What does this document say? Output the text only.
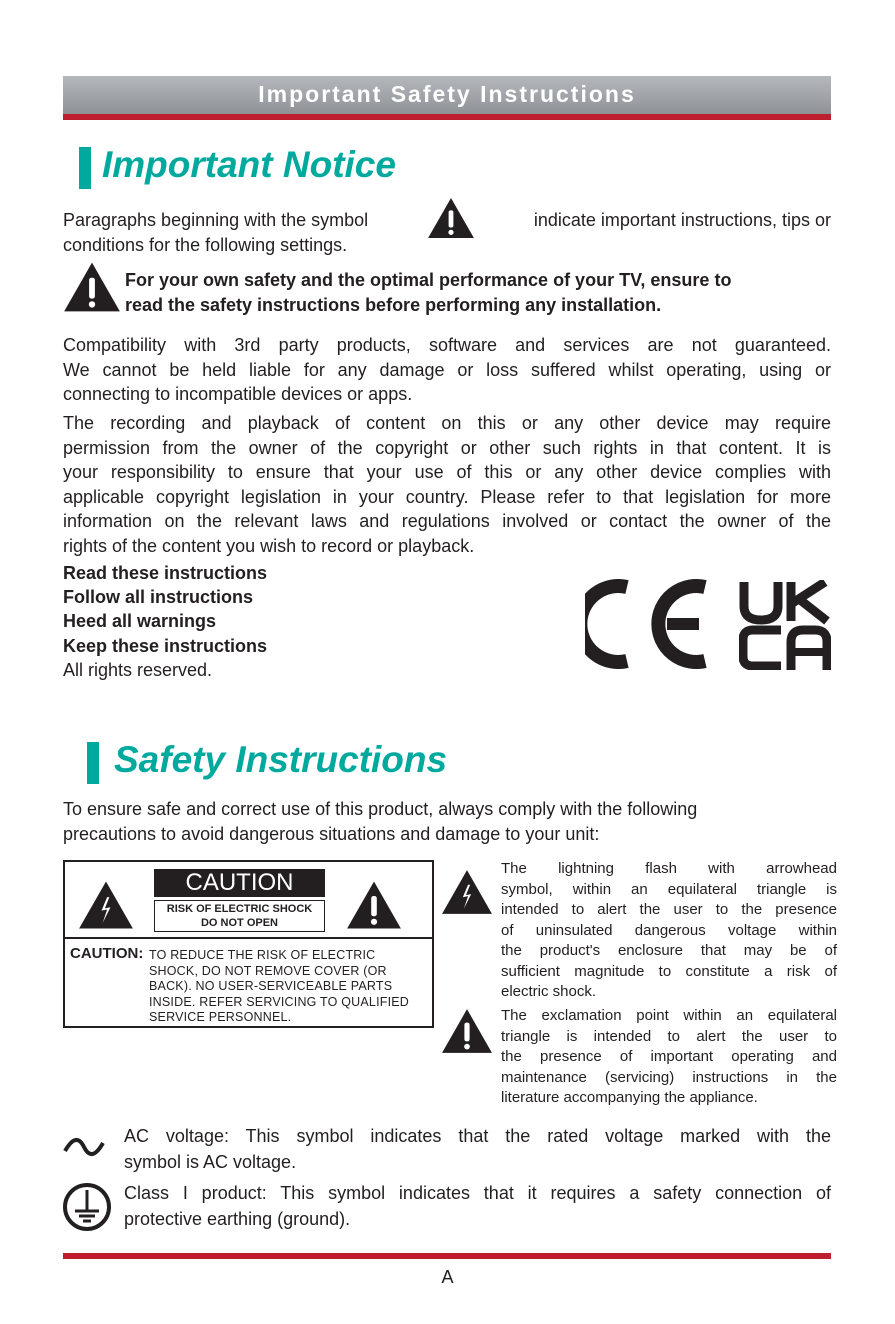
Important Safety Instructions
Important Notice
Paragraphs beginning with the symbol	indicate important instructions, tips or
conditions for the following settings.
For your own safety and the optimal performance of your TV, ensure to
read the safety instructions before performing any installation.
Compatibility with 3rd party products, software and services are not guaranteed.
We cannot be held liable for any damage or loss suffered whilst operating, using or
connecting to incompatible devices or apps.
The recording and playback of content on this or any other device may require
permission from the owner of the copyright or other such rights in that content. It is
your responsibility to ensure that your use of this or any other device complies with
applicable copyright legislation in your country. Please refer to that legislation for more
information on the relevant laws and regulations involved or contact the owner of the
rights of the content you wish to record or playback.
Read these instructions
Follow all instructions
Heed all warnings
Keep these instructions
All rights reserved.
Safety Instructions
To ensure safe and correct use of this product, always comply with the following
precautions to avoid dangerous situations and damage to your unit:
CAUTION
RISK OF ELECTRIC SHOCK
DO NOT OPEN
CAUTION: TO REDUCE THE RISK OF ELECTRIC
SHOCK, DO NOT REMOVE COVER (OR
BACK). NO USER-SERVICEABLE PARTS
INSIDE. REFER SERVICING TO QUALIFIED
SERVICE PERSONNEL.
The lightning flash with arrowhead
symbol, within an equilateral triangle is
intended to alert the user to the presence
of uninsulated dangerous voltage within
the product's enclosure that may be of
sufficient magnitude to constitute a risk of
electric shock.
The exclamation point within an equilateral
triangle is intended to alert the user to
the presence of important operating and
maintenance (servicing) instructions in the
literature accompanying the appliance.
AC voltage: This symbol indicates that the rated voltage marked with the
symbol is AC voltage.
Class I product: This symbol indicates that it requires a safety connection of
protective earthing (ground).
A
